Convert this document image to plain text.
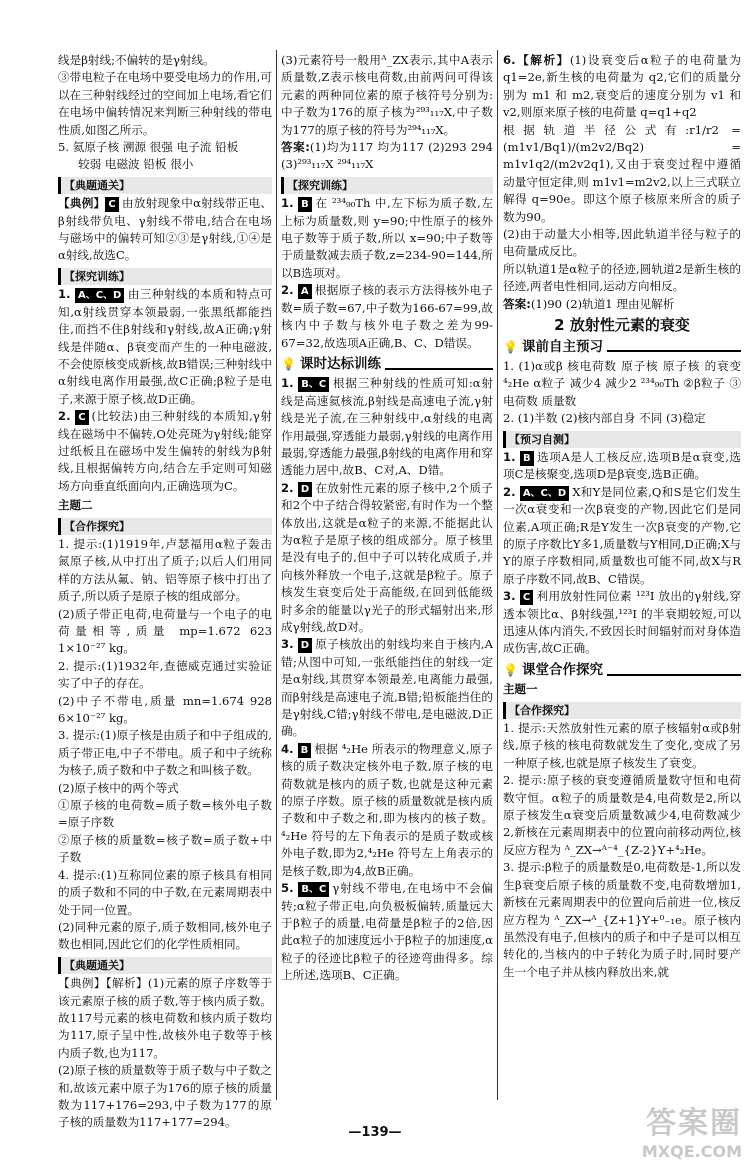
线是β射线;不偏转的是γ射线。

③带电粒子在电场中要受电场力的作用,可以在三种射线经过的空间加上电场,看它们在电场中偏转情况来判断三种射线的带电性质,如图乙所示。

5. 氦原子核 溯源 很强 电子流 铅板

较弱 电磁波 铅板 很小

【典题通关】

【典例】 C 由放射现象中α射线带正电、β射线带负电、γ射线不带电,结合在电场与磁场中的偏转可知②③是γ射线,①④是α射线,故选C。

【探究训练】

1. A、C、D 由三种射线的本质和特点可知,α射线贯穿本领最弱,一张黑纸都能挡住,而挡不住β射线和γ射线,故A正确;γ射线是伴随α、β衰变而产生的一种电磁波,不会使原核变成新核,故B错误;三种射线中α射线电离作用最强,故C正确;β粒子是电子,来源于原子核,故D正确。

2. C (比较法)由三种射线的本质知,γ射线在磁场中不偏转,O处亮斑为γ射线;能穿过纸板且在磁场中发生偏转的射线为β射线,且根据偏转方向,结合左手定则可知磁场方向垂直纸面向内,正确选项为C。

主题二
【合作探究】

1. 提示:(1)1919年,卢瑟福用α粒子轰击氮原子核,从中打出了质子;以后人们用同样的方法从氟、钠、铝等原子核中打出了质子,所以质子是原子核的组成部分。

(2)质子带正电荷,电荷量与一个电子的电荷量相等,质量 mp=1.672 623 1×10⁻²⁷ kg。

2. 提示:(1)1932年,查德威克通过实验证实了中子的存在。

(2)中子不带电,质量 mn=1.674 928 6×10⁻²⁷ kg。

3. 提示:(1)原子核是由质子和中子组成的,质子带正电,中子不带电。质子和中子统称为核子,质子数和中子数之和叫核子数。

(2)原子核中的两个等式

①原子核的电荷数=质子数=核外电子数=原子序数

②原子核的质量数=核子数=质子数+中子数

4. 提示:(1)互称同位素的原子核具有相同的质子数和不同的中子数,在元素周期表中处于同一位置。

(2)同种元素的原子,质子数相同,核外电子数也相同,因此它们的化学性质相同。

【典题通关】

【典例】【解析】(1)元素的原子序数等于该元素原子核的质子数,等于核内质子数。故117号元素的核电荷数和核内质子数均为117,原子呈中性,故核外电子数等于核内质子数,也为117。

(2)原子核的质量数等于质子数与中子数之和,故该元素中原子为176的原子核的质量数为117+176=293,中子数为177的原子核的质量数为117+177=294。

(3)元素符号一般用ᴬ_ZX表示,其中A表示质量数,Z表示核电荷数,由前两问可得该元素的两种同位素的原子核符号分别为:中子数为176的原子核为²⁹³₁₁₇X,中子数为177的原子核的符号为²⁹⁴₁₁₇X。

答案:(1)均为117 均为117 (2)293 294 (3)²⁹³₁₁₇X ²⁹⁴₁₁₇X

【探究训练】

1. B 在 ²³⁴₉₀Th 中,左下标为质子数,左上标为质量数,则 y=90;中性原子的核外电子数等于质子数,所以 x=90;中子数等于质量数减去质子数,z=234-90=144,所以B选项对。

2. A 根据原子核的表示方法得核外电子数=质子数=67,中子数为166-67=99,故核内中子数与核外电子数之差为99-67=32,故选项A正确,B、C、D错误。

💡 课时达标训练

1. B、C 根据三种射线的性质可知:α射线是高速氦核流,β射线是高速电子流,γ射线是光子流,在三种射线中,α射线的电离作用最强,穿透能力最弱,γ射线的电离作用最弱,穿透能力最强,β射线的电离作用和穿透能力居中,故B、C对,A、D错。

2. D 在放射性元素的原子核中,2个质子和2个中子结合得较紧密,有时作为一个整体放出,这就是α粒子的来源,不能据此认为α粒子是原子核的组成部分。原子核里是没有电子的,但中子可以转化成质子,并向核外释放一个电子,这就是β粒子。原子核发生衰变后处于高能级,在回到低能级时多余的能量以γ光子的形式辐射出来,形成γ射线,故D对。

3. D 原子核放出的射线均来自于核内,A错;从图中可知,一张纸能挡住的射线一定是α射线,其贯穿本领最差,电离能力最强,而β射线是高速电子流,B错;铅板能挡住的是γ射线,C错;γ射线不带电,是电磁波,D正确。

4. B 根据 ⁴₂He 所表示的物理意义,原子核的质子数决定核外电子数,原子核的电荷数就是核内的质子数,也就是这种元素的原子序数。原子核的质量数就是核内质子数和中子数之和,即为核内的核子数。⁴₂He 符号的左下角表示的是质子数或核外电子数,即为2,⁴₂He 符号左上角表示的是核子数,即为4,故B正确。

5. B、C γ射线不带电,在电场中不会偏转;α粒子带正电,向负极板偏转,质量远大于β粒子的质量,电荷量是β粒子的2倍,因此α粒子的加速度远小于β粒子的加速度,α粒子的径迹比β粒子的径迹弯曲得多。综上所述,选项B、C正确。

6.【解析】(1)设衰变后α粒子的电荷量为 q1=2e,新生核的电荷量为 q2,它们的质量分别为 m1 和 m2,衰变后的速度分别为 v1 和 v2,则原来原子核的电荷量 q=q1+q2

根据轨道半径公式有:r1/r2 = (m1v1/Bq1)/(m2v2/Bq2) = m1v1q2/(m2v2q1),又由于衰变过程中遵循动量守恒定律,则 m1v1=m2v2,以上三式联立解得 q=90e。即这个原子核原来所含的质子数为90。

(2)由于动量大小相等,因此轨道半径与粒子的电荷量成反比。

所以轨道1是α粒子的径迹,圆轨道2是新生核的径迹,两者电性相同,运动方向相反。

答案:(1)90 (2)轨道1 理由见解析

2 放射性元素的衰变
💡 课前自主预习

1. (1)α或β 核电荷数 原子核 原子核 的衰变 ⁴₂He α粒子 减少4 减少2 ²³⁴₉₀Th ②β粒子 ③电荷数 质量数

2. (1)半数 (2)核内部自身 不同 (3)稳定

【预习自测】

1. B 选项A是人工核反应,选项B是α衰变,选项C是核聚变,选项D是β衰变,选B正确。

2. A、C、D X和Y是同位素,Q和S是它们发生一次α衰变和一次β衰变的产物,因此它们是同位素,A项正确;R是Y发生一次β衰变的产物,它的原子序数比Y多1,质量数与Y相同,D正确;X与Y的原子序数相同,质量数也可能不同,故X与R原子序数不同,故B、C错误。

3. C 利用放射性同位素 ¹²³I 放出的γ射线,穿透本领比α、β射线强,¹²³I 的半衰期较短,可以迅速从体内消失,不致因长时间辐射而对身体造成伤害,故C正确。

💡 课堂合作探究
主题一
【合作探究】

1. 提示:天然放射性元素的原子核辐射α或β射线,原子核的核电荷数就发生了变化,变成了另一种原子核,也就是原子核发生了衰变。

2. 提示:原子核的衰变遵循质量数守恒和电荷数守恒。α粒子的质量数是4,电荷数是2,所以原子核发生α衰变后质量数减少4,电荷数减少2,新核在元素周期表中的位置向前移动两位,核反应方程为 ᴬ_ZX→ᴬ⁻⁴_{Z-2}Y+⁴₂He。

3. 提示:β粒子的质量数是0,电荷数是-1,所以发生β衰变后原子核的质量数不变,电荷数增加1,新核在元素周期表中的位置向后前进一位,核反应方程为 ᴬ_ZX→ᴬ_{Z+1}Y+⁰₋₁e。原子核内虽然没有电子,但核内的质子和中子是可以相互转化的,当核内的中子转化为质子时,同时要产生一个电子并从核内释放出来,就

—139—	答案圈
MXQE.COM
